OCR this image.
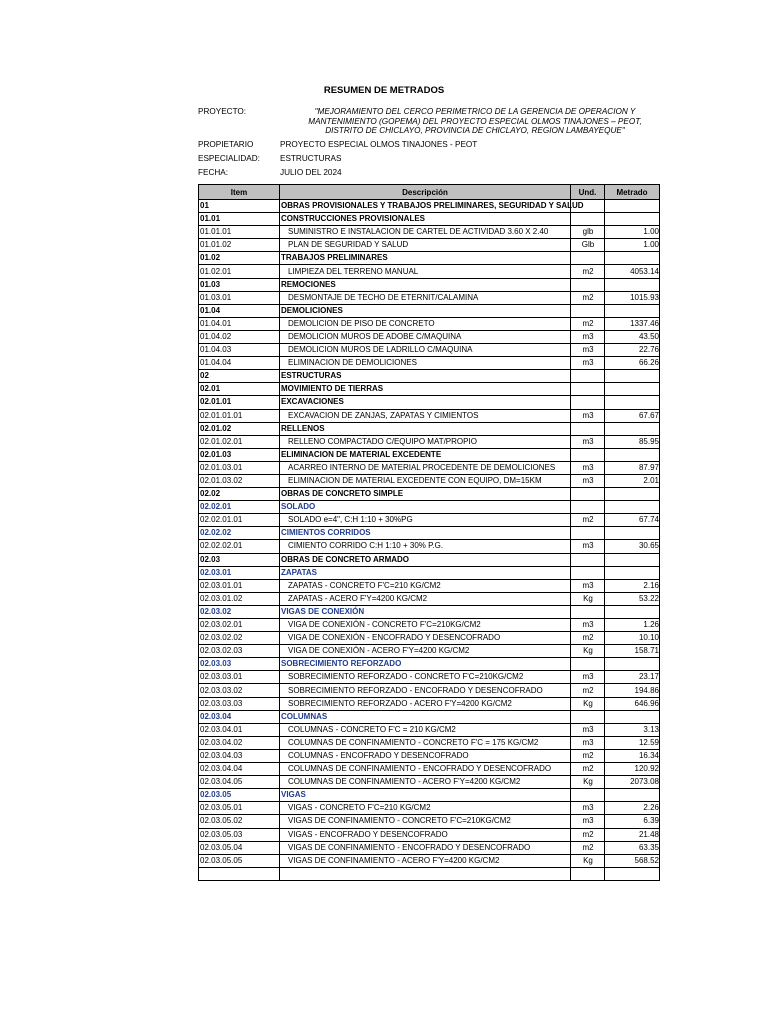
RESUMEN DE METRADOS
PROYECTO:	"MEJORAMIENTO DEL CERCO PERIMETRICO DE LA GERENCIA DE OPERACION Y
MANTENIMIENTO (GOPEMA) DEL PROYECTO ESPECIAL OLMOS TINAJONES – PEOT,
DISTRITO DE CHICLAYO, PROVINCIA DE CHICLAYO, REGION LAMBAYEQUE"
PROPIETARIO	PROYECTO ESPECIAL OLMOS TINAJONES - PEOT
ESPECIALIDAD:	ESTRUCTURAS
FECHA:	JULIO DEL 2024
Item	Descripción	Und.	Metrado
01	OBRAS PROVISIONALES Y TRABAJOS PRELIMINARES, SEGURIDAD Y SALUD		
01.01	CONSTRUCCIONES PROVISIONALES		
01.01.01	SUMINISTRO E INSTALACION DE CARTEL DE ACTIVIDAD 3.60 X 2.40	glb	1.00
01.01.02	PLAN DE SEGURIDAD Y SALUD	Glb	1.00
01.02	TRABAJOS PRELIMINARES		
01.02.01	LIMPIEZA DEL TERRENO MANUAL	m2	4053.14
01.03	REMOCIONES		
01.03.01	DESMONTAJE DE TECHO DE ETERNIT/CALAMINA	m2	1015.93
01.04	DEMOLICIONES		
01.04.01	DEMOLICION DE PISO DE CONCRETO	m2	1337.46
01.04.02	DEMOLICION MUROS DE ADOBE C/MAQUINA	m3	43.50
01.04.03	DEMOLICION MUROS DE LADRILLO C/MAQUINA	m3	22.76
01.04.04	ELIMINACION DE DEMOLICIONES	m3	66.26
02	ESTRUCTURAS		
02.01	MOVIMIENTO DE TIERRAS		
02.01.01	EXCAVACIONES		
02.01.01.01	EXCAVACION DE ZANJAS, ZAPATAS Y CIMIENTOS	m3	67.67
02.01.02	RELLENOS		
02.01.02.01	RELLENO COMPACTADO C/EQUIPO MAT/PROPIO	m3	85.95
02.01.03	ELIMINACION DE MATERIAL EXCEDENTE		
02.01.03.01	ACARREO INTERNO DE MATERIAL PROCEDENTE DE DEMOLICIONES	m3	87.97
02.01.03.02	ELIMINACION DE MATERIAL EXCEDENTE CON EQUIPO, DM=15KM	m3	2.01
02.02	OBRAS DE CONCRETO SIMPLE		
02.02.01	SOLADO		
02.02.01.01	SOLADO e=4", C:H 1:10 + 30%PG	m2	67.74
02.02.02	CIMIENTOS CORRIDOS		
02.02.02.01	CIMIENTO CORRIDO C:H 1:10 + 30% P.G.	m3	30.65
02.03	OBRAS DE CONCRETO ARMADO		
02.03.01	ZAPATAS		
02.03.01.01	ZAPATAS - CONCRETO F'C=210 KG/CM2	m3	2.16
02.03.01.02	ZAPATAS - ACERO F'Y=4200 KG/CM2	Kg	53.22
02.03.02	VIGAS DE CONEXIÓN		
02.03.02.01	VIGA DE CONEXIÓN - CONCRETO F'C=210KG/CM2	m3	1.26
02.03.02.02	VIGA DE CONEXIÓN - ENCOFRADO Y DESENCOFRADO	m2	10.10
02.03.02.03	VIGA DE CONEXIÓN - ACERO F'Y=4200 KG/CM2	Kg	158.71
02.03.03	SOBRECIMIENTO REFORZADO		
02.03.03.01	SOBRECIMIENTO REFORZADO - CONCRETO F'C=210KG/CM2	m3	23.17
02.03.03.02	SOBRECIMIENTO REFORZADO - ENCOFRADO Y DESENCOFRADO	m2	194.86
02.03.03.03	SOBRECIMIENTO REFORZADO - ACERO F'Y=4200 KG/CM2	Kg	646.96
02.03.04	COLUMNAS		
02.03.04.01	COLUMNAS - CONCRETO F'C = 210 KG/CM2	m3	3.13
02.03.04.02	COLUMNAS DE CONFINAMIENTO - CONCRETO F'C = 175 KG/CM2	m3	12.59
02.03.04.03	COLUMNAS - ENCOFRADO Y DESENCOFRADO	m2	16.34
02.03.04.04	COLUMNAS DE CONFINAMIENTO - ENCOFRADO Y DESENCOFRADO	m2	120.92
02.03.04.05	COLUMNAS DE CONFINAMIENTO - ACERO F'Y=4200 KG/CM2	Kg	2073.08
02.03.05	VIGAS		
02.03.05.01	VIGAS - CONCRETO F'C=210 KG/CM2	m3	2.26
02.03.05.02	VIGAS DE CONFINAMIENTO - CONCRETO F'C=210KG/CM2	m3	6.39
02.03.05.03	VIGAS - ENCOFRADO Y DESENCOFRADO	m2	21.48
02.03.05.04	VIGAS DE CONFINAMIENTO - ENCOFRADO Y DESENCOFRADO	m2	63.35
02.03.05.05	VIGAS DE CONFINAMIENTO - ACERO F'Y=4200 KG/CM2	Kg	568.52
